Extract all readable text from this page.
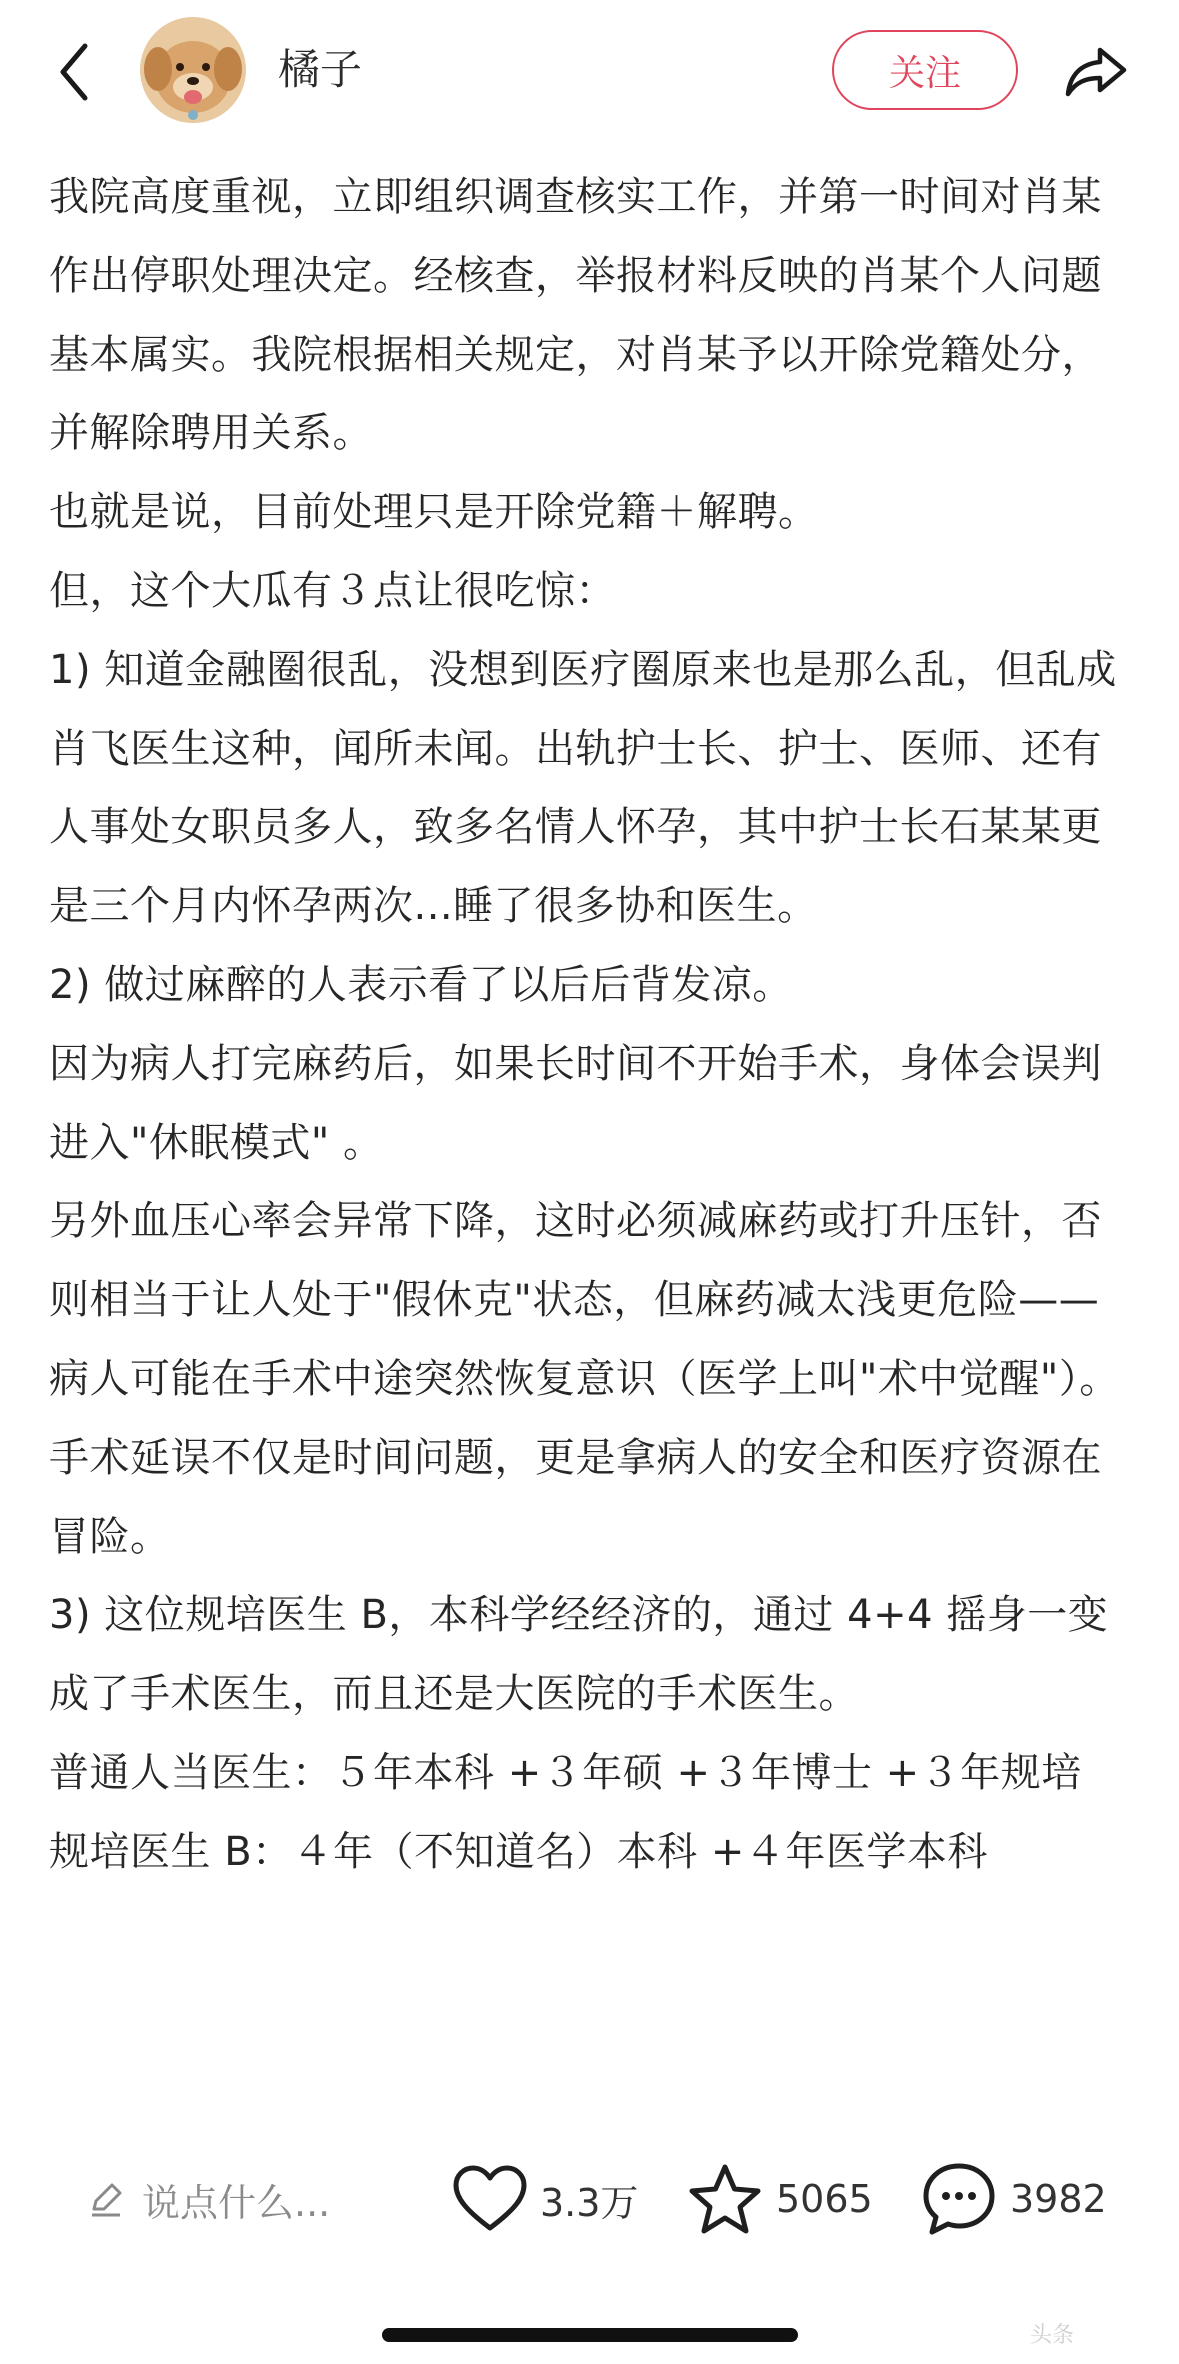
橘子	关注

我院高度重视，立即组织调查核实工作，并第一时间对肖某作出停职处理决定。经核查，举报材料反映的肖某个人问题基本属实。我院根据相关规定，对肖某予以开除党籍处分，并解除聘用关系。

也就是说，目前处理只是开除党籍＋解聘。

但，这个大瓜有３点让很吃惊：

1) 知道金融圈很乱，没想到医疗圈原来也是那么乱，但乱成肖飞医生这种，闻所未闻。出轨护士长、护士、医师、还有人事处女职员多人，致多名情人怀孕，其中护士长石某某更是三个月内怀孕两次...睡了很多协和医生。

2) 做过麻醉的人表示看了以后后背发凉。

因为病人打完麻药后，如果长时间不开始手术，身体会误判进入"休眠模式" 。

另外血压心率会异常下降，这时必须减麻药或打升压针，否则相当于让人处于"假休克"状态，但麻药减太浅更危险——病人可能在手术中途突然恢复意识（医学上叫"术中觉醒"）。

手术延误不仅是时间问题，更是拿病人的安全和医疗资源在冒险。

3) 这位规培医生 B，本科学经经济的，通过 4+4 摇身一变成了手术医生，而且还是大医院的手术医生。

普通人当医生：５年本科 +３年硕 +３年博士 +３年规培

规培医生 B：４年（不知道名）本科 +４年医学本科

说点什么...	3.3万	5065	3982
头条
